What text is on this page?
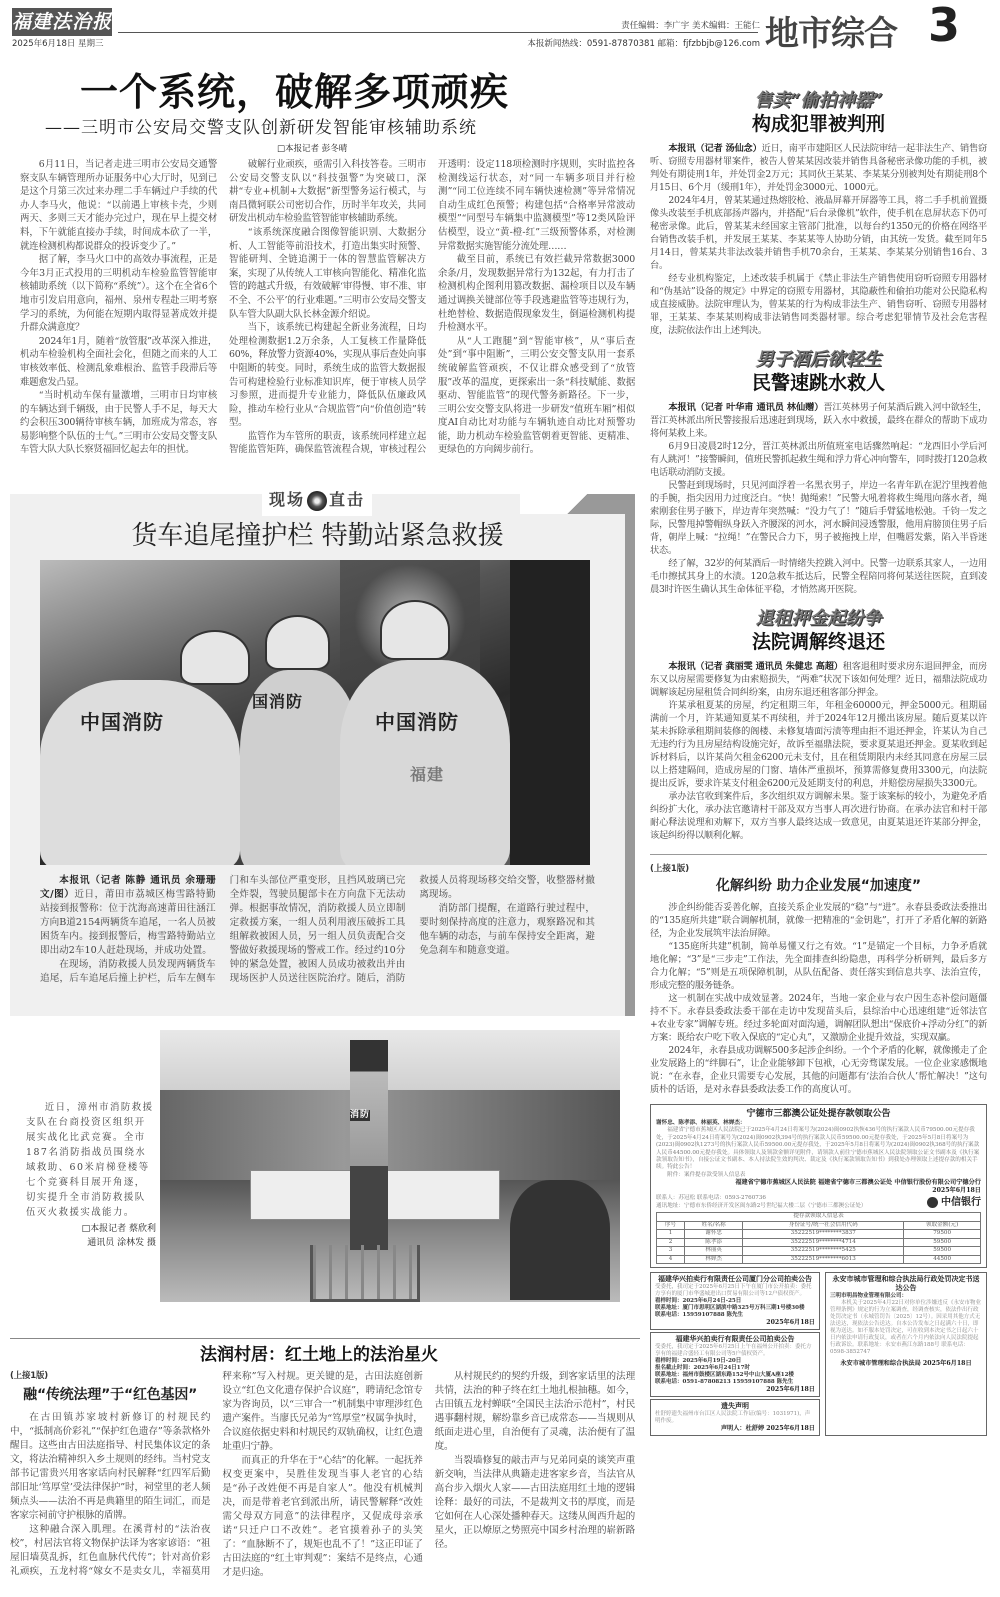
福建法治报
2025年6月18日 星期三
责任编辑：李广宇 美术编辑：王能仁
本报新闻热线：0591-87870381 邮箱：fjfzbbjb@126.com 地市综合 3
一个系统，破解多项顽疾
——三明市公安局交警支队创新研发智能审核辅助系统
□本报记者 彭冬晴

6月11日，当记者走进三明市公安局交通警察支队车辆管理所办证服务中心大厅时，见到已是这个月第三次过来办理二手车辆过户手续的代办人李马火，他说：“以前遇上审核卡壳，少则两天、多则三天才能办完过户，现在早上提交材料，下午就能直接办手续，时间成本砍了一半，就连检测机构都说群众的投诉变少了。”

据了解，李马火口中的高效办事流程，正是今年3月正式投用的三明机动车检验监管智能审核辅助系统（以下简称“系统”）。这个在全省6个地市引发启用意向，福州、泉州专程赴三明考察学习的系统，为何能在短期内取得显著成效并提升群众满意度？

2024年1月，随着“放管服”改革深入推进，机动车检验机构全面社会化，但随之而来的人工审核效率低、检测乱象难根治、监管手段滞后等难题愈发凸显。

“当时机动车保有量激增，三明市日均审核的车辆达到千辆级，由于民警人手不足，每天大约会积压300辆待审核车辆，加班成为常态，容易影响整个队伍的士气。”三明市公安局交警支队车管大队大队长察贤福回忆起去年的担忧。

破解行业顽疾，亟需引入科技答卷。三明市公安局交警支队以“科技强警”为突破口，深耕“专业+机制+大数据”新型警务运行模式，与南昌微轲联公司密切合作，历时半年攻关，共同研发出机动车检验监管智能审核辅助系统。

“该系统深度融合图像智能识别、大数据分析、人工智能等前沿技术，打造出集实时预警、智能研判、全链追溯于一体的智慧监管解决方案，实现了从传统人工审核向智能化、精准化监管的跨越式升级，有效破解‘审得慢、审不准、审不全、不公平’的行业难题。”三明市公安局交警支队车管大队副大队长林金源介绍说。

当下，该系统已构建起全新业务流程，日均处理检测数据1.2万余条，人工复核工作量降低60%，释放警力资源40%，实现从事后查处向事中阻断的转变。同时，系统生成的监管大数据报告可构建检验行业标准知识库，便于审核人员学习参照，进而提升专业能力，降低队伍廉政风险，推动车检行业从“合规监管”向“价值创造”转型。

监管作为车管所的职责，该系统同样建立起智能监管矩阵，确保监管流程合规，审核过程公开透明：设定118项检测时序规则，实时监控各检测线运行状态，对“同一车辆多项目并行检测”“同工位连续不同车辆快速检测”等异常情况自动生成红色预警；构建包括“合格率异常波动模型”“同型号车辆集中监测模型”等12类风险评估模型，设立“黄-橙-红”三级预警体系，对检测异常数据实施智能分流处理……

截至目前，系统已有效拦截异常数据3000余条/月，发现数据异常行为132起，有力打击了检测机构企图利用篡改数据、漏检项目以及车辆通过调换关键部位等手段逃避监管等违规行为，杜绝替检、数据造假现象发生，倒逼检测机构提升检测水平。

从“人工跑腿”到“智能审核”，从“事后查处”到“事中阻断”，三明公安交警支队用一套系统破解监管顽疾，不仅让群众感受到了“放管服”改革的温度，更探索出一条“科技赋能、数据驱动、智能监管”的现代警务新路径。下一步，三明公安交警支队将进一步研发“值班车厢”相似度AI自动比对功能与车辆轨迹自动比对预警功能，助力机动车检验监管朝着更智能、更精准、更绿色的方向阔步前行。

售卖“偷拍神器”
构成犯罪被判刑

本报讯（记者 汤仙念）近日，南平市建阳区人民法院审结一起非法生产、销售窃听、窃照专用器材罪案件，被告人曾某某因改装并销售具备秘密录像功能的手机，被判处有期徒刑1年，并处罚金2万元；其同伙王某某、李某某分别被判处有期徒刑8个月15日、6个月（缓刑1年），并处罚金3000元、1000元。

2024年4月，曾某某通过热熔胶枪、液晶屏幕开屏器等工具，将二手手机前置摄像头改装至手机底部扬声器内，并搭配“后台录像机”软件，使手机在息屏状态下仍可秘密录像。此后，曾某某未经国家主管部门批准，以每台约1350元的价格在网络平台销售改装手机，并发展王某某、李某某等人协助分销，由其统一发货。截至同年5月14日，曾某某共非法改装并销售手机70余台，王某某、李某某分别销售16台、3台。

经专业机构鉴定，上述改装手机属于《禁止非法生产销售使用窃听窃照专用器材和“伪基站”设备的规定》中界定的窃照专用器材，其隐蔽性和偷拍功能对公民隐私构成直接威胁。法院审理认为，曾某某的行为构成非法生产、销售窃听、窃照专用器材罪，王某某、李某某则构成非法销售同类器材罪。综合考虑犯罪情节及社会危害程度，法院依法作出上述判决。

男子酒后欲轻生
民警速跳水救人

本报讯（记者 叶华甫 通讯员 林仙赠）晋江英林男子何某酒后跳入河中欲轻生，晋江英林派出所民警接报后迅速赶到现场，跃入水中救援，最终在群众的帮助下成功将何某救上来。

6月9日凌晨2时12分，晋江英林派出所值班室电话骤然响起：“龙西旧小学后河有人跳河！”接警瞬间，值班民警抓起救生绳和浮力背心冲向警车，同时拨打120急救电话联动消防支援。

民警赶到现场时，只见河面浮着一名黑衣男子，岸边一名青年趴在泥泞里拽着他的手腕，指尖因用力过度泛白。“快！抛绳索！”民警大吼着将救生绳甩向落水者，绳索刚套住男子腋下，岸边青年突然喊：“没力气了！”随后手臂猛地松弛。千钧一发之际，民警甩掉警帽纵身跃入齐腰深的河水，河水瞬间浸透警服，他用肩膀顶住男子后背，朝岸上喊：“拉绳！”在警民合力下，男子被拖拽上岸，但嘴唇发紫，陷入半昏迷状态。

经了解，32岁的何某酒后一时情绪失控跳入河中。民警一边联系其家人，一边用毛巾擦拭其身上的水渍。120急救车抵达后，民警全程陪同将何某送往医院，直到凌晨3时许医生确认其生命体征平稳，才悄然离开医院。

退租押金起纷争
法院调解终退还

本报讯（记者 龚丽雯 通讯员 朱健忠 高超）租客退租时要求房东退回押金，而房东又以房屋需要修复为由索赔损失，“两难”状况下该如何处理？近日，福鼎法院成功调解该起房屋租赁合同纠纷案，由房东退还租客部分押金。

许某承租夏某的房屋，约定租期三年，年租金60000元，押金5000元。租期届满前一个月，许某通知夏某不再续租，并于2024年12月搬出该房屋。随后夏某以许某未拆除承租期间装修的阁楼、未修复墙面污渍等理由拒不退还押金，许某认为自己无违约行为且房屋结构设施完好，故诉至福鼎法院，要求夏某退还押金。夏某收到起诉材料后，以许某尚欠租金6200元未支付，且在租赁期限内未经其同意在房屋三层以上搭建隔间，造成房屋的门窗、墙体严重损坏，预算需修复费用3300元，向法院提出反诉，要求许某支付租金6200元及延期支付的利息，并赔偿房屋损失3300元。

承办法官收到案件后，多次组织双方调解未果。鉴于该案标的较小，为避免矛盾纠纷扩大化，承办法官邀请村干部及双方当事人再次进行协商。在承办法官和村干部耐心释法说理和劝解下，双方当事人最终达成一致意见，由夏某退还许某部分押金，该起纠纷得以顺利化解。

(上接1版)
化解纠纷 助力企业发展“加速度”

涉企纠纷能否妥善化解，直接关系企业发展的“稳”与“进”。永春县委政法委推出的“135庭所共建”联合调解机制，就像一把精准的“金钥匙”，打开了矛盾化解的新路径，为企业发展筑牢法治屏障。

“135庭所共建”机制，简单易懂又行之有效。“1”是锚定一个目标，力争矛盾就地化解；“3”是“三步走”工作法，先全面排查纠纷隐患，再科学分析研判，最后多方合力化解；“5”则是五项保障机制，从队伍配备、责任落实到信息共享、法治宣传，形成完整的服务链条。

这一机制在实战中成效显著。2024年，当地一家企业与农户因生态补偿问题僵持不下。永春县委政法委干部在走访中发现苗头后，县综治中心迅速组建“近邻法官+农业专家”调解专班。经过多轮面对面沟通，调解团队想出“保底价+浮动分红”的新方案：既给农户吃下收入保底的“定心丸”，又激励企业提升效益，实现双赢。

2024年，永春县成功调解500多起涉企纠纷。一个个矛盾的化解，就像搬走了企业发展路上的“绊脚石”，让企业能够卸下包袱，心无旁骛谋发展。一位企业家感慨地说：“在永春，企业只需要专心发展，其他的问题都有‘法治合伙人’帮忙解决！”这句质朴的话语，是对永春县委政法委工作的高度认可。

宁德市三都澳公证处提存款领取公告
谢怀忠、陈孝添、林丽英、林婵杰：
福建省宁德市蕉城区人民法院已于2025年4月24日将案号为(2024)闽0902执恢436号的执行案款人民币79500.00元提存我处，于2025年4月24日将案号为(2024)闽0902执394号的执行案款人民币59500.00元提存我处，于2025年5月8日将案号为(2023)闽0902执1273号的执行案款人民币59500.00元提存我处，于2025年5月8日将案号为(2024)闽0902执368号的执行案款人民币44500.00元提存我处。具体领取人及领款金额详见附件，请领款人前往宁德市蕉城区人民法院领取公证文书副本及《执行案款领取告知书》，自接公证文书副本、本人持法院生效的判决、裁定及《执行案款领取告知书》到我处办理领取上述提存款的相关手续。特此公告！
附件：案件提存款受领人信息表
福建省宁德市蕉城区人民法院 福建省宁德市三都澳公证处 中信银行股份有限公司宁德分行
2025年6月18日
联系人：苏冠松 联系电话：0593-2760736
通讯地址：宁德市东侨经济开发区闽东路2号世纪福大楼二层（宁德市三都澳公证处）	中信银行
提存款领取人信息表			
序号	姓名/名称	身份证号/统一社会信用代码	领取金额(元)
1	谢怀忠	35222519********3837	79500
2	陈孝添	35222519********4714	59500
3	林丽英	35222519********5425	59500
4	林婵杰	35222519********6013	44500
福建华兴拍卖行有限责任公司厦门分公司拍卖公告
受委托，我司定于2025年6月25日下午在厦门市公开拍卖：委托方享有的厦门市华盛城进出口贸易有限公司等12户债权资产。
看样时间：2025年6月24日-25日
联系地址：厦门市思明区湖滨中路325号万科三期1号楼30楼
联系电话：15959107888 陈先生
2025年6月18日
福建华兴拍卖行有限责任公司拍卖公告
受委托，我司定于2025年6月25日上午在福州公开拍卖：委托方享有的福建合盛轻工有限公司等5户债权资产。
看样时间：2025年6月19日-20日
报名截止时间：2025年6月24日17时
联系地址：福州市鼓楼区湖东路152号中山大厦A座12楼
联系电话：0591-87808213 15959107888 陈先生
2025年6月18日
遗失声明
杜舒婷遗失福州市台江区人民法院工作证(编号：1031971)，声明作废。
声明人：杜舒婷 2025年6月18日
永安市城市管理和综合执法局行政处罚决定书送达公告
三明市明昌物业管理有限公司：
本机关于2025年4月22日对你单位涉嫌违反《永安市物业管理条例》规定的行为立案调查，经调查核实，依法作出行政处罚决定书（永城管罚告〔2025〕12号）。因采用其他方式无法送达，现依法公告送达。自本公告发布之日起满六十日，即视为送达。如不服本处罚决定，可在收到本决定书之日起六十日内依法申请行政复议，或者在六个月内依法向人民法院提起行政诉讼。联系地址：永安市燕江东路188号 联系电话：0598-3852747
永安市城市管理和综合执法局 2025年6月18日
现场 直击
货车追尾撞护栏 特勤站紧急救援
中国消防
国消防
中国消防
福建

本报讯（记者 陈静 通讯员 余珊珊 文/图）近日，莆田市荔城区梅雪路特勤站接到报警称：位于沈海高速莆田往涵江方向B道2154两辆货车追尾，一名人员被困货车内。接到报警后，梅雪路特勤站立即出动2车10人赶赴现场，并成功处置。

在现场，消防救援人员发现两辆货车追尾，后车追尾后撞上护栏，后车左侧车门和车头部位严重变形，且挡风玻璃已完全炸裂，驾驶员腿部卡在方向盘下无法动弹。根据事故情况，消防救援人员立即制定救援方案，一组人员利用液压破拆工具组解救被困人员，另一组人员负责配合交警做好救援现场的警戒工作。经过约10分钟的紧急处置，被困人员成功被救出并由现场医护人员送往医院治疗。随后，消防救援人员将现场移交给交警，收整器材撤离现场。

消防部门提醒，在道路行驶过程中，要时刻保持高度的注意力，观察路况和其他车辆的动态，与前车保持安全距离，避免急刹车和随意变道。

消防

近日，漳州市消防救援支队在台商投资区组织开展实战化比武竞赛。全市187名消防指战员围绕水域救助、60米肩梯登楼等七个竞赛科目展开角逐，切实提升全市消防救援队伍灭火救援实战能力。

□本报记者 蔡欣利
通讯员 涂林发 摄
法润村居：红土地上的法治星火
(上接1版)
融“传统法理”于“红色基因”

在古田镇苏家坡村新修订的村规民约中，“抵制高价彩礼”“保护红色遗存”等条款格外醒目。这些由古田法庭指导、村民集体议定的条文，将法治精神织入乡土规则的经纬。当村党支部书记雷贵兴用客家话向村民解释“红四军后勤部旧址‘笃厚堂’受法律保护”时，祠堂里的老人频频点头——法治不再是典籍里的陌生词汇，而是客家宗祠前守护根脉的盾牌。

这种融合深入肌理。在溪背村的“法治夜校”，村居法官将文物保护法译为客家谚语：“祖屋旧墙莫乱拆，红色血脉代代传”；针对高价彩礼顽疾，五龙村将“嫁女不是卖女儿，幸福莫用秤来称”写入村规。更关键的是，古田法庭创新设立“红色文化遗存保护合议庭”，聘请纪念馆专家为咨询员，以“三审合一”机制集中审理涉红色遗产案件。当廖氏兄弟为“笃厚堂”权属争执时，合议庭依据史料和村规民约双轨确权，让红色遗址重归宁静。

而真正的升华在于“心结”的化解。一起抚养权变更案中，吴胜佳发现当事人老官的心结是“孙子改姓便不再是自家人”。他没有机械判决，而是带着老官到派出所，请民警解释“改姓需父母双方同意”的法律程序，又促成母亲承诺“只迁户口不改姓”。老官摸着孙子的头笑了：“血脉断不了，规矩也乱不了！”这正印证了古田法庭的“红土审判观”：案结不是终点，心通才是归途。

从村规民约的契约升级，到客家话里的法理共情，法治的种子终在红土地扎根抽穗。如今，古田镇五龙村蝉联“全国民主法治示范村”，村民遇事翻村规，解纷靠乡音已成常态——当规则从纸面走进心里，自治便有了灵魂，法治便有了温度。

当裂墙修复的敲击声与兄弟同桌的谈笑声重新交响，当法律从典籍走进客家乡音，当法官从高台步入烟火人家——古田法庭用红土地的逻辑诠释：最好的司法，不是裁判文书的厚度，而是它如何在人心深处播种春天。这缕从闽西升起的星火，正以燎原之势照亮中国乡村治理的崭新路径。
